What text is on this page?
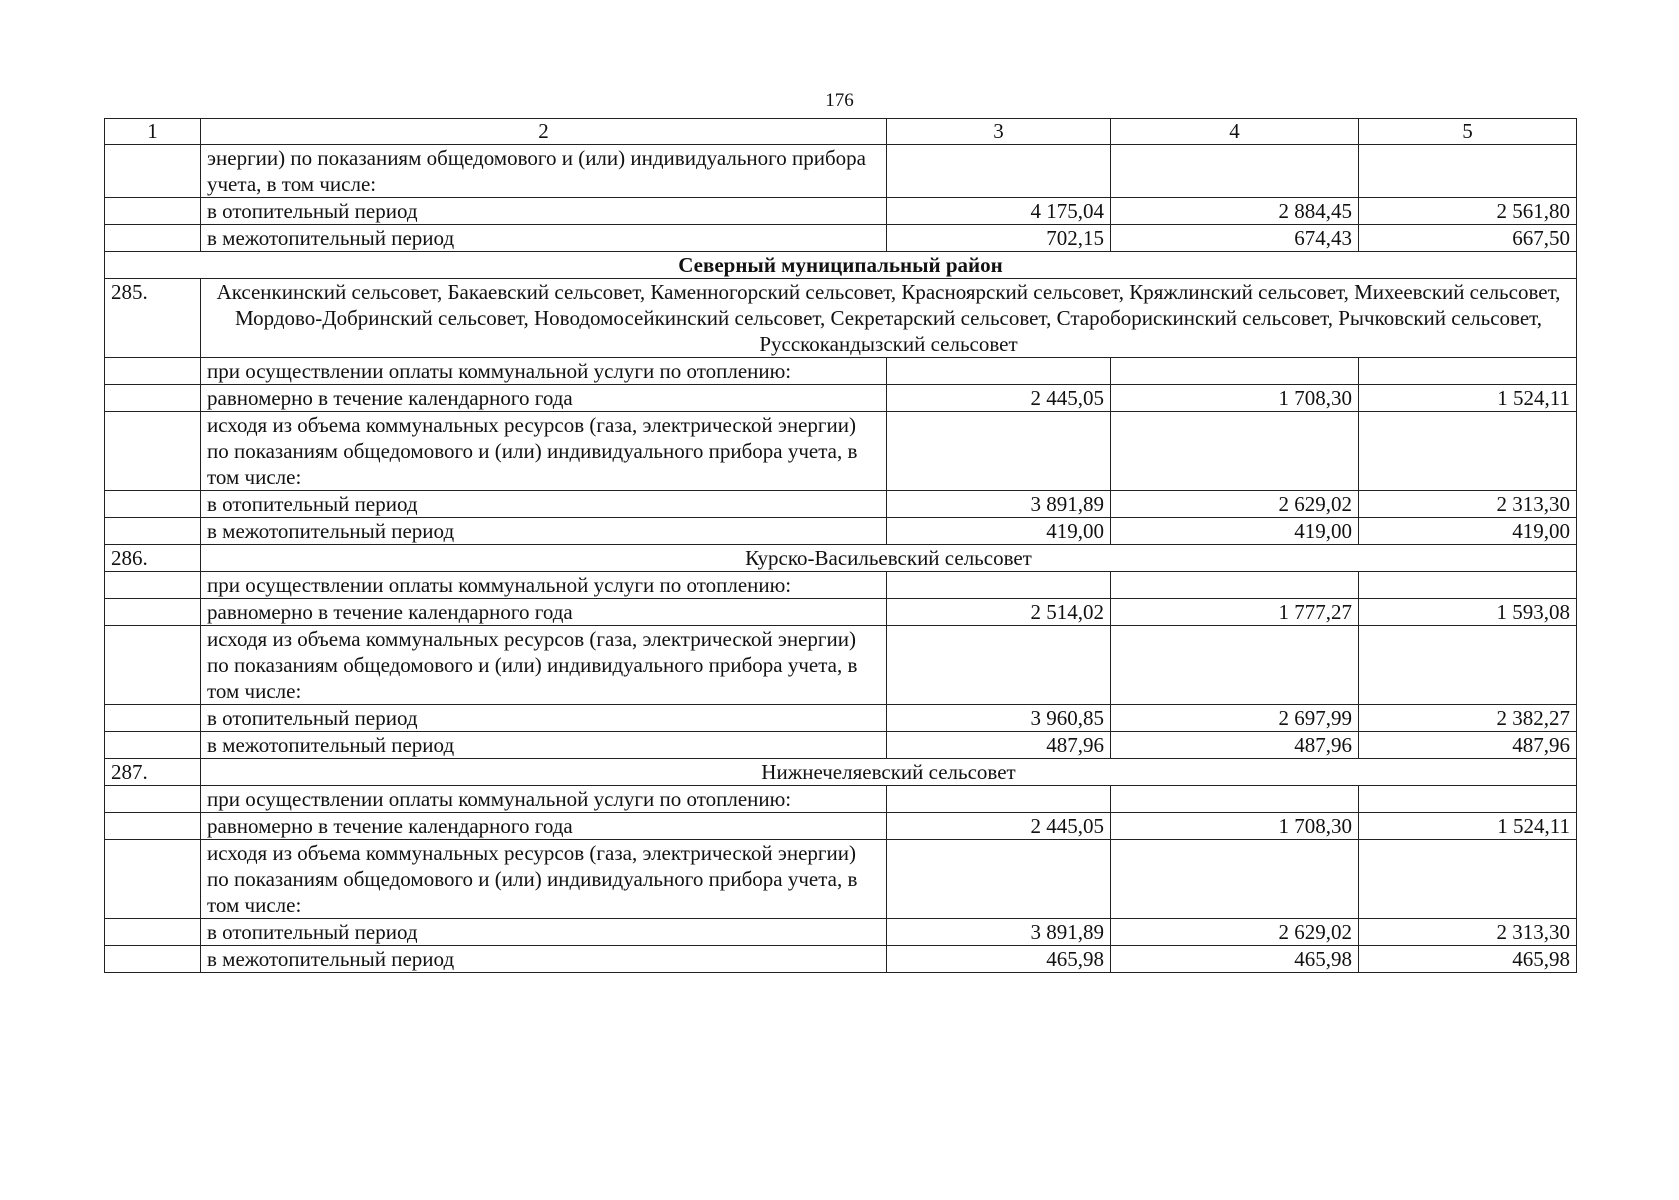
176
1	2	3	4	5
	энергии) по показаниям общедомового и (или) индивидуального прибора учета, в том числе:			
	в отопительный период	4 175,04	2 884,45	2 561,80
	в межотопительный период	702,15	674,43	667,50
Северный муниципальный район				
285.	Аксенкинский сельсовет, Бакаевский сельсовет, Каменногорский сельсовет, Красноярский сельсовет, Кряжлинский сельсовет, Михеевский сельсовет, Мордово-Добринский сельсовет, Новодомосейкинский сельсовет, Секретарский сельсовет, Староборискинский сельсовет, Рычковский сельсовет, Русскокандызский сельсовет			
	при осуществлении оплаты коммунальной услуги по отоплению:			
	равномерно в течение календарного года	2 445,05	1 708,30	1 524,11
	исходя из объема коммунальных ресурсов (газа, электрической энергии) по показаниям общедомового и (или) индивидуального прибора учета, в том числе:			
	в отопительный период	3 891,89	2 629,02	2 313,30
	в межотопительный период	419,00	419,00	419,00
286.	Курско-Васильевский сельсовет			
	при осуществлении оплаты коммунальной услуги по отоплению:			
	равномерно в течение календарного года	2 514,02	1 777,27	1 593,08
	исходя из объема коммунальных ресурсов (газа, электрической энергии) по показаниям общедомового и (или) индивидуального прибора учета, в том числе:			
	в отопительный период	3 960,85	2 697,99	2 382,27
	в межотопительный период	487,96	487,96	487,96
287.	Нижнечеляевский сельсовет			
	при осуществлении оплаты коммунальной услуги по отоплению:			
	равномерно в течение календарного года	2 445,05	1 708,30	1 524,11
	исходя из объема коммунальных ресурсов (газа, электрической энергии) по показаниям общедомового и (или) индивидуального прибора учета, в том числе:			
	в отопительный период	3 891,89	2 629,02	2 313,30
	в межотопительный период	465,98	465,98	465,98
